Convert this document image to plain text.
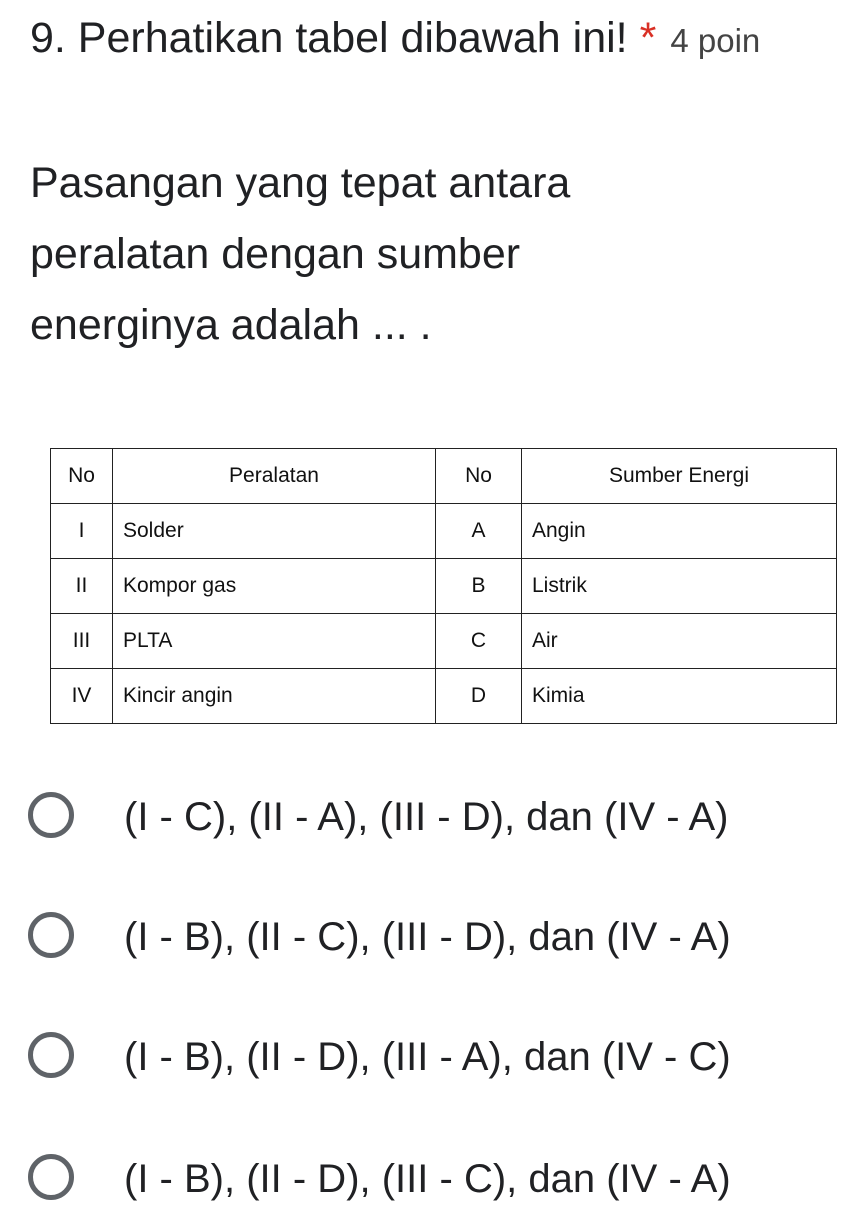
9. Perhatikan tabel dibawah ini! * 4 poin
Pasangan yang tepat antara peralatan dengan sumber energinya adalah ... .
No	Peralatan	No	Sumber Energi
I	Solder	A	Angin
II	Kompor gas	B	Listrik
III	PLTA	C	Air
IV	Kincir angin	D	Kimia
(I - C), (II - A), (III - D), dan (IV - A)
(I - B), (II - C), (III - D), dan (IV - A)
(I - B), (II - D), (III - A), dan (IV - C)
(I - B), (II - D), (III - C), dan (IV - A)
